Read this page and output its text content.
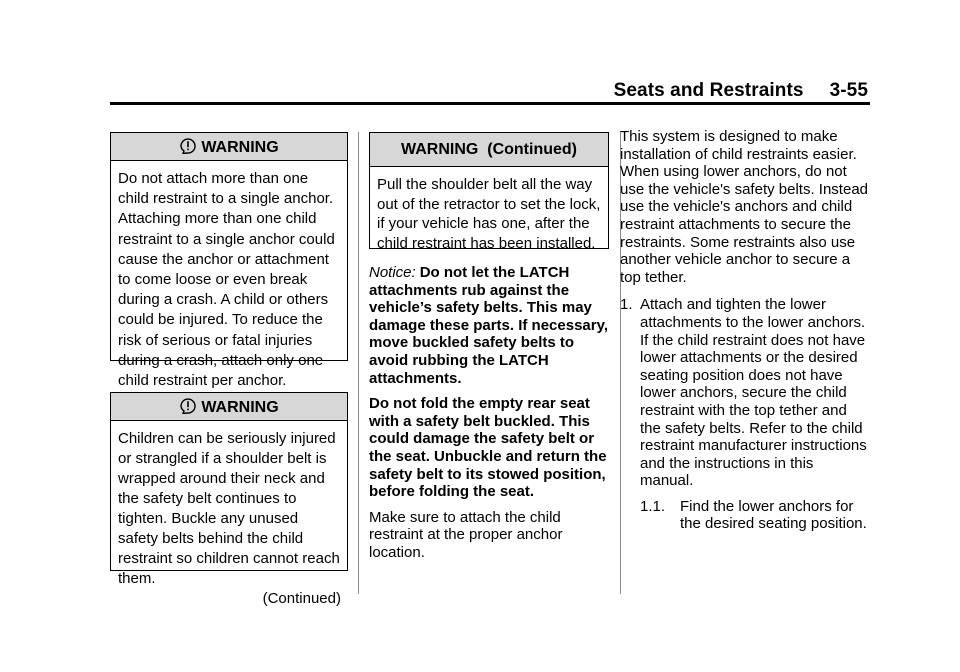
Seats and Restraints 3-55
WARNING
Do not attach more than one child restraint to a single anchor. Attaching more than one child restraint to a single anchor could cause the anchor or attachment to come loose or even break during a crash. A child or others could be injured. To reduce the risk of serious or fatal injuries during a crash, attach only one child restraint per anchor.
WARNING
Children can be seriously injured or strangled if a shoulder belt is wrapped around their neck and the safety belt continues to tighten. Buckle any unused safety belts behind the child restraint so children cannot reach them.
(Continued)
WARNING  (Continued)
Pull the shoulder belt all the way out of the retractor to set the lock, if your vehicle has one, after the child restraint has been installed.

Notice: Do not let the LATCH attachments rub against the vehicle’s safety belts. This may damage these parts. If necessary, move buckled safety belts to avoid rubbing the LATCH attachments.

Do not fold the empty rear seat with a safety belt buckled. This could damage the safety belt or the seat. Unbuckle and return the safety belt to its stowed position, before folding the seat.

Make sure to attach the child restraint at the proper anchor location.

This system is designed to make installation of child restraints easier. When using lower anchors, do not use the vehicle's safety belts. Instead use the vehicle's anchors and child restraint attachments to secure the restraints. Some restraints also use another vehicle anchor to secure a top tether.

1. Attach and tighten the lower attachments to the lower anchors. If the child restraint does not have lower attachments or the desired seating position does not have lower anchors, secure the child restraint with the top tether and the safety belts. Refer to the child restraint manufacturer instructions and the instructions in this manual.
1.1. Find the lower anchors for the desired seating position.
